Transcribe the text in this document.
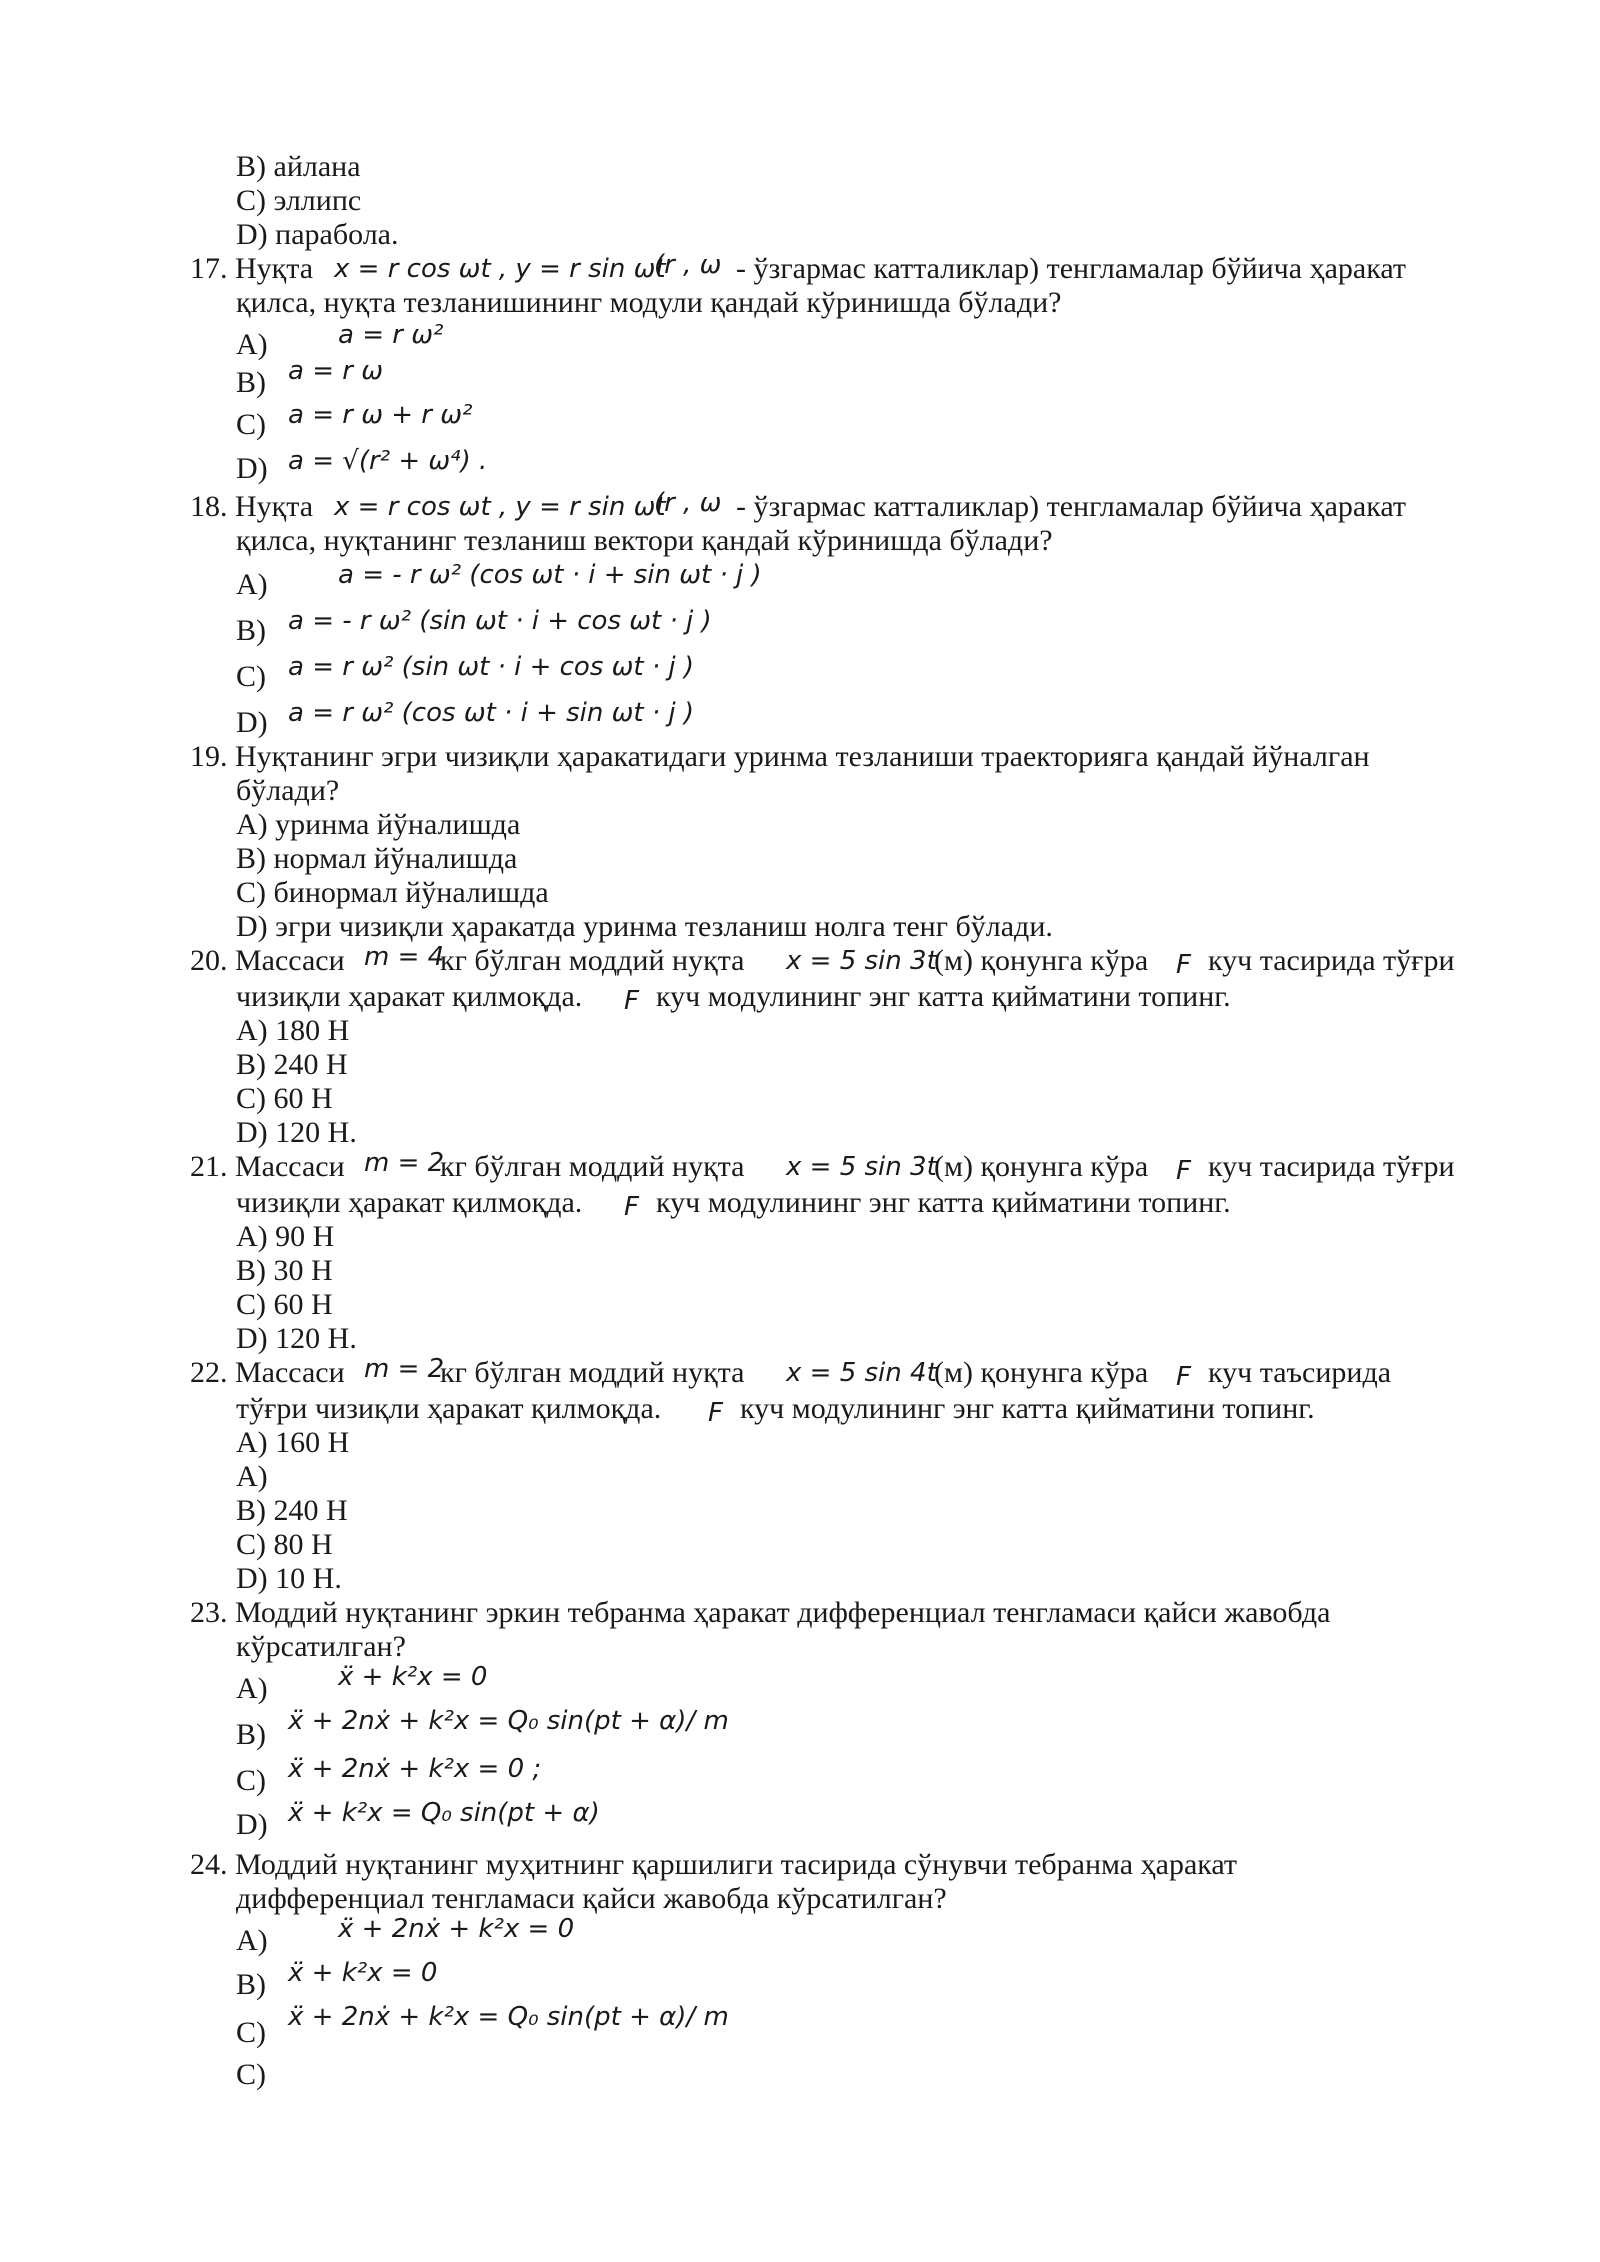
B) айлана
C) эллипс
D) парабола.
17. Нуқта x = r cos ωt , y = r sin ωt
(r , ω - ўзгармас катталиклар) тенгламалар бўйича ҳаракат
қилса, нуқта тезланишининг модули қандай кўринишда бўлади?
A)	a = r ω²
B) a = r ω
C) a = r ω + r ω²
D) a = √(r² + ω⁴) .
18. Нуқта x = r cos ωt , y = r sin ωt
(r , ω - ўзгармас катталиклар) тенгламалар бўйича ҳаракат
қилса, нуқтанинг тезланиш вектори қандай кўринишда бўлади?
A)	a = - r ω² (cos ωt · i + sin ωt · j )
B) a = - r ω² (sin ωt · i + cos ωt · j )
C) a = r ω² (sin ωt · i + cos ωt · j )
D) a = r ω² (cos ωt · i + sin ωt · j )
19. Нуқтанинг эгри чизиқли ҳаракатидаги уринма тезланиши траекторияга қандай йўналган
бўлади?
A) уринма йўналишда
B) нормал йўналишда
C) бинормал йўналишда
D) эгри чизиқли ҳаракатда уринма тезланиш нолга тенг бўлади.
20. Массаси m = 4
кг бўлган моддий нуқта x = 5 sin 3t
(м) қонунга кўра F куч тасирида тўғри
чизиқли ҳаракат қилмоқда. F куч модулининг энг катта қийматини топинг.
A) 180 Н
B) 240 Н
C) 60 Н
D) 120 Н.
21. Массаси m = 2
кг бўлган моддий нуқта x = 5 sin 3t
(м) қонунга кўра F куч тасирида тўғри
чизиқли ҳаракат қилмоқда. F куч модулининг энг катта қийматини топинг.
A) 90 Н
B) 30 Н
C) 60 Н
D) 120 Н.
22. Массаси m = 2
кг бўлган моддий нуқта x = 5 sin 4t
(м) қонунга кўра F куч таъсирида
тўғри чизиқли ҳаракат қилмоқда. F куч модулининг энг катта қийматини топинг.
A) 160 Н
A)
B) 240 Н
C) 80 Н
D) 10 Н.
23. Моддий нуқтанинг эркин тебранма ҳаракат дифференциал тенгламаси қайси жавобда
кўрсатилган?
A)	ẍ + k²x = 0
B) ẍ + 2nẋ + k²x = Q₀ sin(pt + α)/ m
C) ẍ + 2nẋ + k²x = 0 ;
D) ẍ + k²x = Q₀ sin(pt + α)
24. Моддий нуқтанинг муҳитнинг қаршилиги тасирида сўнувчи тебранма ҳаракат
дифференциал тенгламаси қайси жавобда кўрсатилган?
A)	ẍ + 2nẋ + k²x = 0
B) ẍ + k²x = 0
C) ẍ + 2nẋ + k²x = Q₀ sin(pt + α)/ m
C)
